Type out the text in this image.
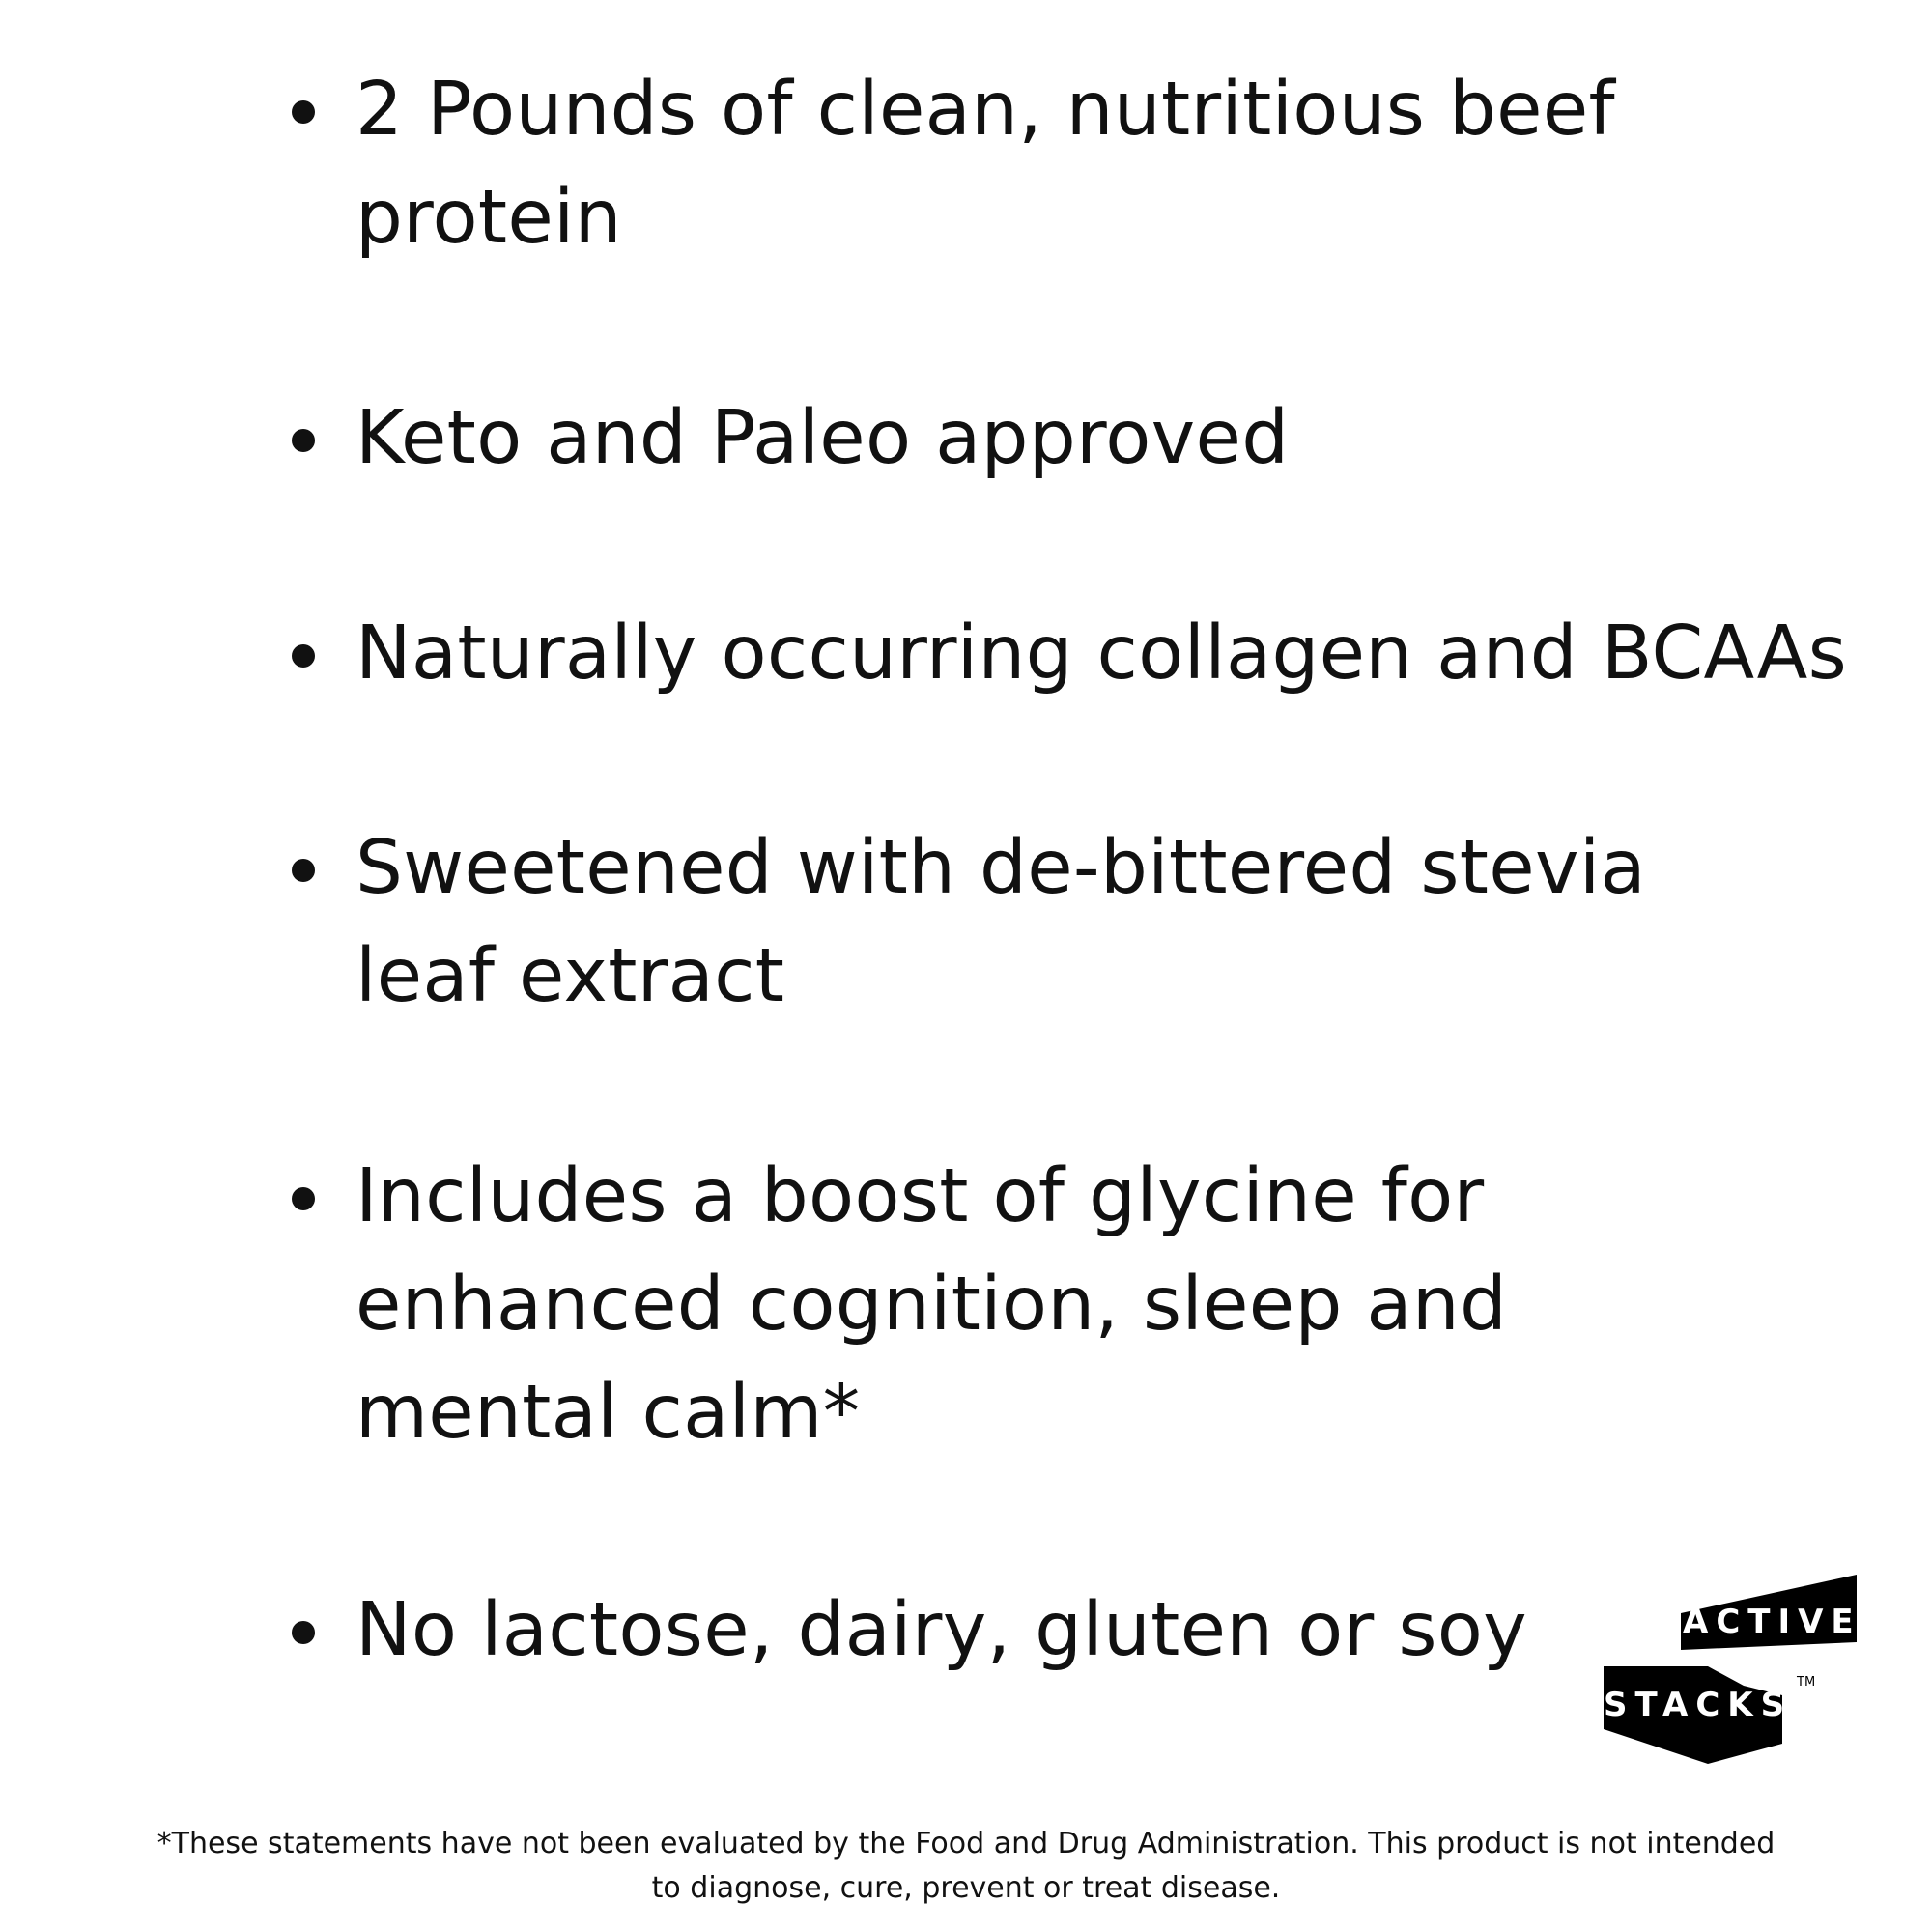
2 Pounds of clean, nutritious beef
protein
Keto and Paleo approved
Naturally occurring collagen and BCAAs
Sweetened with de-bittered stevia
leaf extract
Includes a boost of glycine for
enhanced cognition, sleep and
mental calm*
No lactose, dairy, gluten or soy	ACTIVE
STACKS
TM
*These statements have not been evaluated by the Food and Drug Administration. This product is not intended
to diagnose, cure, prevent or treat disease.
